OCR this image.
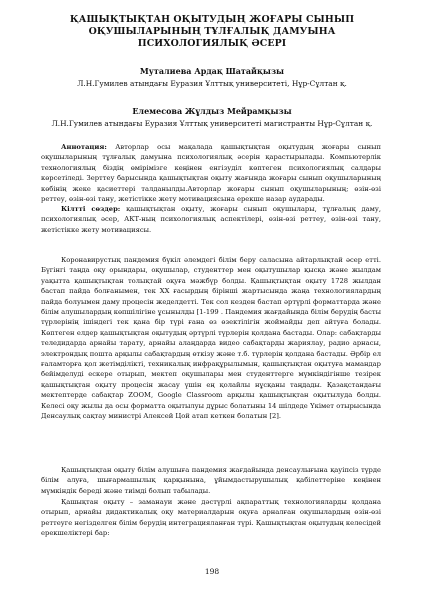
ҚАШЫҚТЫҚТАН ОҚЫТУДЫҢ ЖОҒАРЫ СЫНЫП ОҚУШЫЛАРЫНЫҢ ТҰЛҒАЛЫҚ ДАМУЫНА ПСИХОЛОГИЯЛЫҚ ӘСЕРІ

Муталиева Ардақ Шатайқызы

Л.Н.Гумилев атындағы Еуразия Ұлттық университеті, Нұр-Сұлтан қ.

Елемесова Жұлдыз Мейрамқызы

Л.Н.Гумилев атындағы Еуразия Ұлттық университеті магистранты Нұр-Сұлтан қ.

Аннотация: Авторлар осы мақалада қашықтықтан оқытудың жоғары сынып оқушыларының тұлғалық дамуына психологиялық әсерін қарастырылады. Компьютерлік технологиялың біздің өмірімізге кеңінен енгізуділ көптеген психологиялық салдары көрсетіледі. Зерттеу барысында қашықтықтан оқыту жағында жоғары сынып оқушыларының көбінің жеке қасиеттері талданылды.Авторлар жоғары сынып оқушыларының; өзін-өзі реттеу, өзін-өзі тану, жетістікке жету мотивациясына ерекше назар аударады.

Кілтті сөздер: қашықтықтан оқыту, жоғары сынып оқушылары, тұлғалық даму, психологиялық әсер, АКТ-ның психологиялық аспектілері, өзін-өзі реттеу, өзін-өзі тану, жетістікке жету мотивациясы.

Коронавирустық пандемия бүкіл әлемдегі білім беру саласына айтарлықтай әсер етті. Бүгінгі таңда оқу орындары, оқушылар, студенттер мен оқытушылар қысқа және жылдам уақытта қашықтықтан толықтай оқуға мәжбүр болды. Қашықтықтан оқыту 1728 жылдан бастап пайда болғанымен, тек ХХ ғасырдың бірінші жартысында жаңа технологиялардың пайда болуымен даму процесін жеделдетті. Тек сол кезден бастап әртүрлі форматтарда және білім алушылардың көпшілігіне ұсынылды [1-199 . Пандемия жағдайында білім берудің басты түрлерінің ішіндегі тек қана бір түрі ғана өз өзектілігін жоймайды деп айтуға болады. Көптеген елдер қашықтықтан оқытудың әртүрлі түрлерін қолдана бастады. Олар: сабақтарды теледидарда арнайы тарату, арнайы алаңдарда видео сабақтарды жариялау, радио арнасы, электрондық пошта арқылы сабақтардың өткізу және т.б. түрлерін қолдана бастады. Әрбір ел ғаламторға қол жетімділікті, техникалық инфрақұрылымын, қашықтықтан оқытуға мамандар бейімделуді ескере отырып, мектеп оқушылары мен студенттерге мүмкіндігінше тезірек қашықтықтан оқыту процесін жасау үшін ең қолайлы нұсқаны таңдады. Қазақстандағы мектептерде сабақтар ZOOM, Google Classroom арқылы қашықтықтан оқытылуда болды. Келесі оқу жылы да осы форматта оқытылуы дұрыс болатыны 14 шілдеде Үкімет отырысында Денсаулық сақтау министрі Алексей Цой атап кеткен болатын [2].

Қашықтықтан оқыту білім алушыға пандемия жағдайында денсаулығына қауіпсіз түрде білім алуға, шығармашылық қарқынына, ұйымдастырушылық қабілеттеріне кеңінен мүмкіндік береді және тиімді болып табылады.

Қашықтан оқыту – заманауи және дәстүрлі ақпараттық технологияларды қолдана отырып, арнайы дидактикалық оқу материалдарын оқуға арналған оқушылардың өзін-өзі реттеуге негізделген білім берудің интеграцияланған түрі. Қашықтықтан оқытудың келесідей ерекшеліктері бар:

198
